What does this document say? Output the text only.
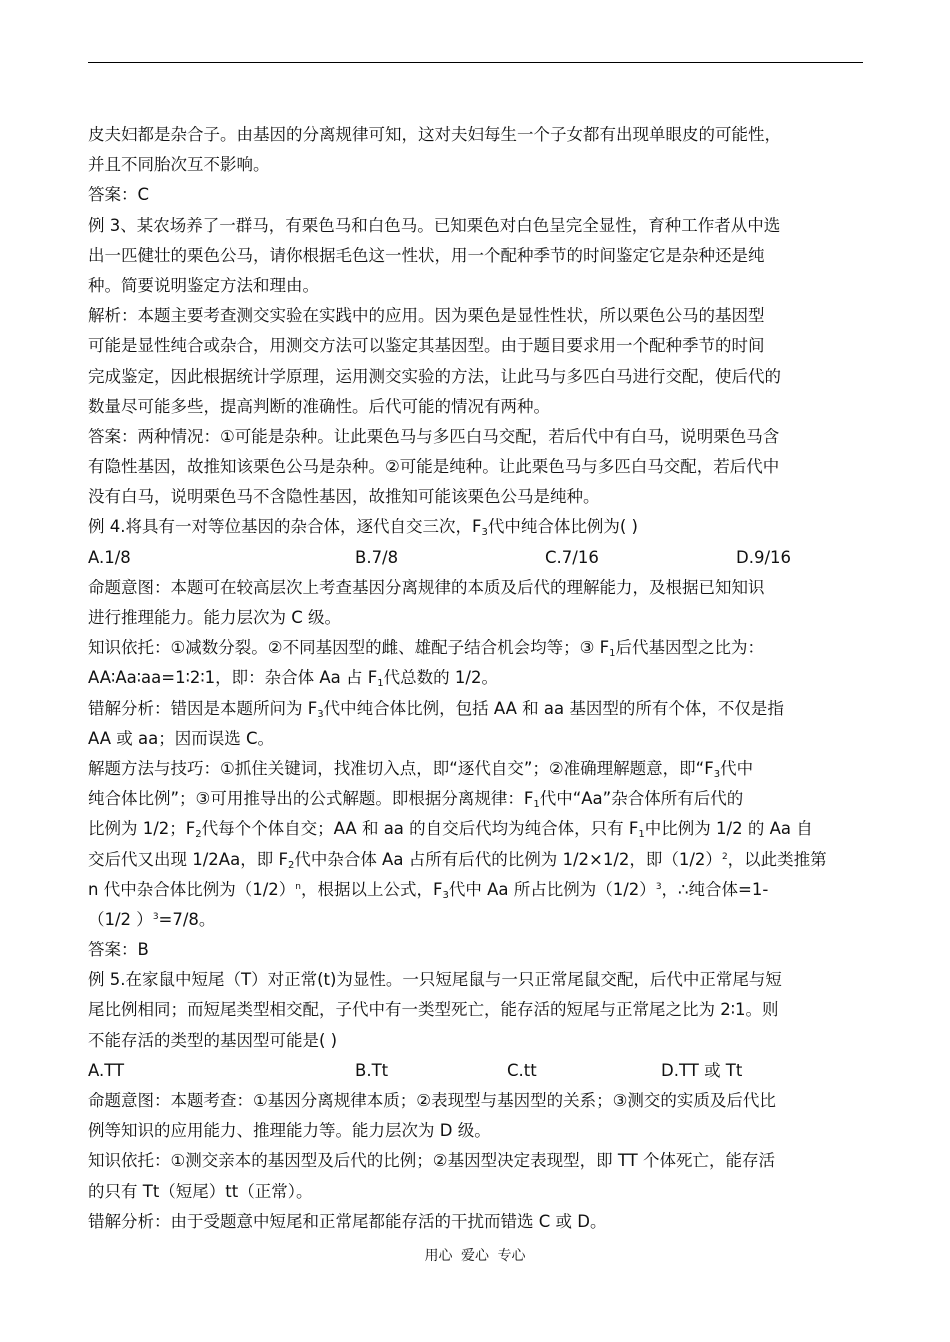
皮夫妇都是杂合子。由基因的分离规律可知，这对夫妇每生一个子女都有出现单眼皮的可能性，
并且不同胎次互不影响。
答案：C
例 3、某农场养了一群马，有栗色马和白色马。已知栗色对白色呈完全显性，育种工作者从中选
出一匹健壮的栗色公马，请你根据毛色这一性状，用一个配种季节的时间鉴定它是杂种还是纯
种。简要说明鉴定方法和理由。
解析：本题主要考查测交实验在实践中的应用。因为栗色是显性性状，所以栗色公马的基因型
可能是显性纯合或杂合，用测交方法可以鉴定其基因型。由于题目要求用一个配种季节的时间
完成鉴定，因此根据统计学原理，运用测交实验的方法，让此马与多匹白马进行交配，使后代的
数量尽可能多些，提高判断的准确性。后代可能的情况有两种。
答案：两种情况：①可能是杂种。让此栗色马与多匹白马交配，若后代中有白马，说明栗色马含
有隐性基因，故推知该栗色公马是杂种。②可能是纯种。让此栗色马与多匹白马交配，若后代中
没有白马，说明栗色马不含隐性基因，故推知可能该栗色公马是纯种。
例 4.将具有一对等位基因的杂合体，逐代自交三次，$F_3$代中纯合体比例为( )
A.1/8	B.7/8	C.7/16	D.9/16
命题意图：本题可在较高层次上考查基因分离规律的本质及后代的理解能力，及根据已知知识
进行推理能力。能力层次为 C 级。
知识依托：①减数分裂。②不同基因型的雌、雄配子结合机会均等；③ $F_1$后代基因型之比为：
AA∶Aa∶aa=1∶2∶1，即：杂合体 Aa 占 $F_1$代总数的 1/2。
错解分析：错因是本题所问为 $F_3$代中纯合体比例，包括 AA 和 aa 基因型的所有个体，不仅是指
AA 或 aa；因而误选 C。
解题方法与技巧：①抓住关键词，找准切入点，即“逐代自交”；②准确理解题意，即“$F_3$代中
纯合体比例”；③可用推导出的公式解题。即根据分离规律：$F_1$代中“Aa”杂合体所有后代的
比例为 1/2；$F_2$代每个个体自交；AA 和 aa 的自交后代均为纯合体，只有 $F_1$中比例为 1/2 的 Aa 自
交后代又出现 1/2Aa，即 $F_2$代中杂合体 Aa 占所有后代的比例为 1/2×1/2，即$(1/2)^2$，以此类推第
n 代中杂合体比例为$(1/2)^n$，根据以上公式，$F_3$代中 Aa 所占比例为$(1/2)^3$，∴纯合体=1-
（1/2 ）$^3$=7/8。
答案：B
例 5.在家鼠中短尾（T）对正常(t)为显性。一只短尾鼠与一只正常尾鼠交配，后代中正常尾与短
尾比例相同；而短尾类型相交配，子代中有一类型死亡，能存活的短尾与正常尾之比为 2∶1。则
不能存活的类型的基因型可能是( )
A.TT	B.Tt	C.tt	D.TT 或 Tt
命题意图：本题考查：①基因分离规律本质；②表现型与基因型的关系；③测交的实质及后代比
例等知识的应用能力、推理能力等。能力层次为 D 级。
知识依托：①测交亲本的基因型及后代的比例；②基因型决定表现型，即 TT 个体死亡，能存活
的只有 Tt（短尾）tt（正常）。
错解分析：由于受题意中短尾和正常尾都能存活的干扰而错选 C 或 D。
用心 爱心 专心
